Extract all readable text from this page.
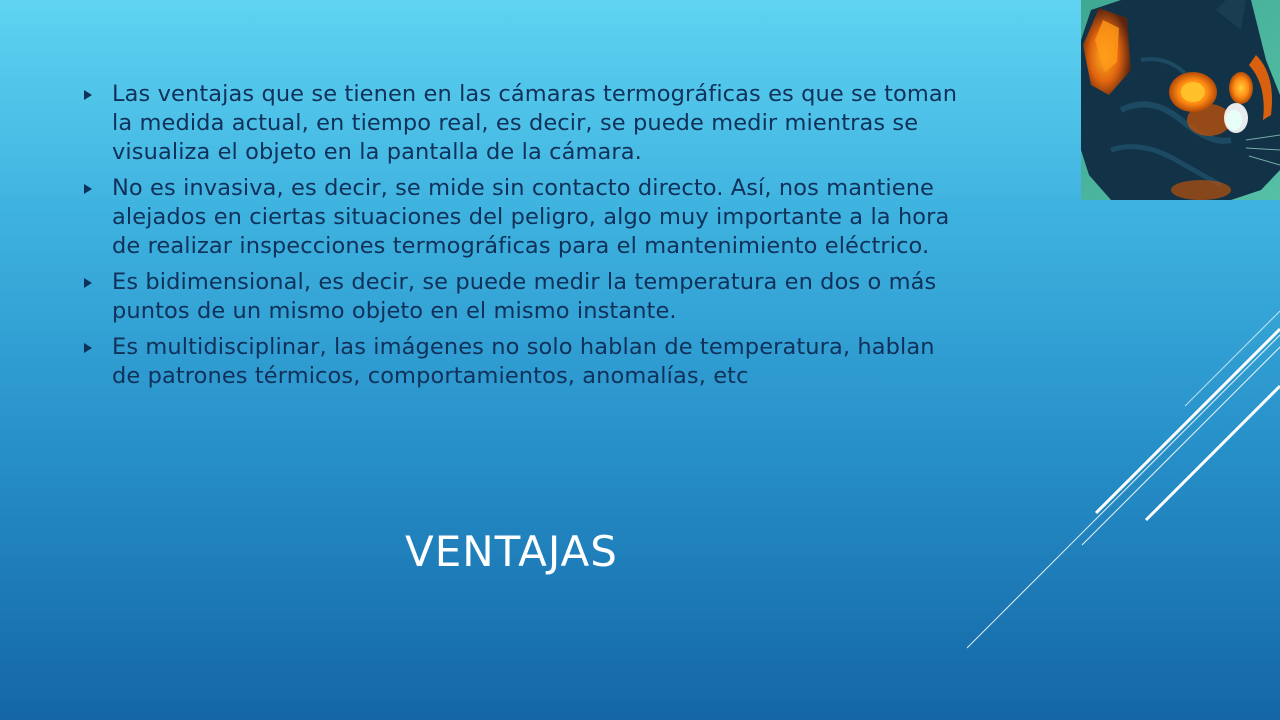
Las ventajas que se tienen en las cámaras termográficas es que se toman la medida actual, en tiempo real, es decir, se puede medir mientras se visualiza el objeto en la pantalla de la cámara.
No es invasiva, es decir, se mide sin contacto directo. Así, nos mantiene alejados en ciertas situaciones del peligro, algo muy importante a la hora de realizar inspecciones termográficas para el mantenimiento eléctrico.
Es bidimensional, es decir, se puede medir la temperatura en dos o más puntos de un mismo objeto en el mismo instante.
Es multidisciplinar, las imágenes no solo hablan de temperatura, hablan de patrones térmicos, comportamientos, anomalías, etc
VENTAJAS
